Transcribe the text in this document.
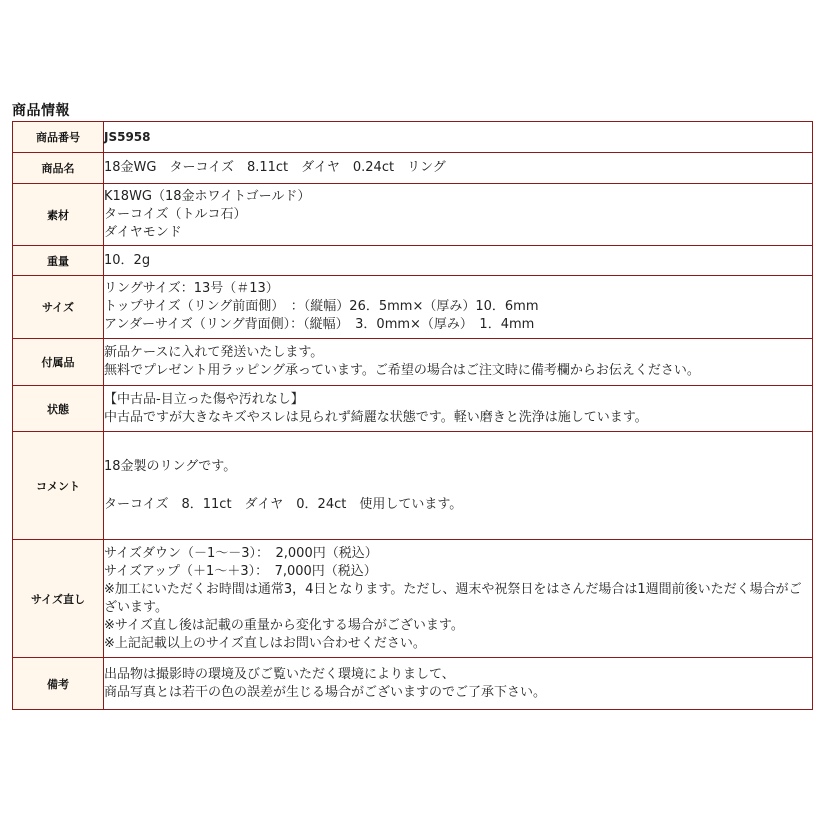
商品情報
商品番号	JS5958

商品名	18金WG　ターコイズ　8.11ct　ダイヤ　0.24ct　リング

素材	K18WG（18金ホワイトゴールド）
ターコイズ（トルコ石）
ダイヤモンド

重量	10．2g

サイズ	リングサイズ：13号（＃13）
トップサイズ（リング前面側）　：（縦幅）26．5mm×（厚み）10．6mm
アンダーサイズ（リング背面側）：（縦幅）　3．0mm×（厚み）　1．4mm

付属品	新品ケースに入れて発送いたします。
無料でプレゼント用ラッピング承っています。ご希望の場合はご注文時に備考欄からお伝えください。

状態	【中古品-目立った傷や汚れなし】
中古品ですが大きなキズやスレは見られず綺麗な状態です。軽い磨きと洗浄は施しています。

コメント	18金製のリングです。
ターコイズ　8．11ct　ダイヤ　0．24ct　使用しています。

サイズ直し	サイズダウン（－1～－3）：　2,000円（税込）
サイズアップ（＋1～＋3）：　7,000円（税込）
※加工にいただくお時間は通常3，4日となります。ただし、週末や祝祭日をはさんだ場合は1週間前後いただく場合がございます。
※サイズ直し後は記載の重量から変化する場合がございます。
※上記記載以上のサイズ直しはお問い合わせください。

備考	出品物は撮影時の環境及びご覧いただく環境によりまして、
商品写真とは若干の色の誤差が生じる場合がございますのでご了承下さい。
